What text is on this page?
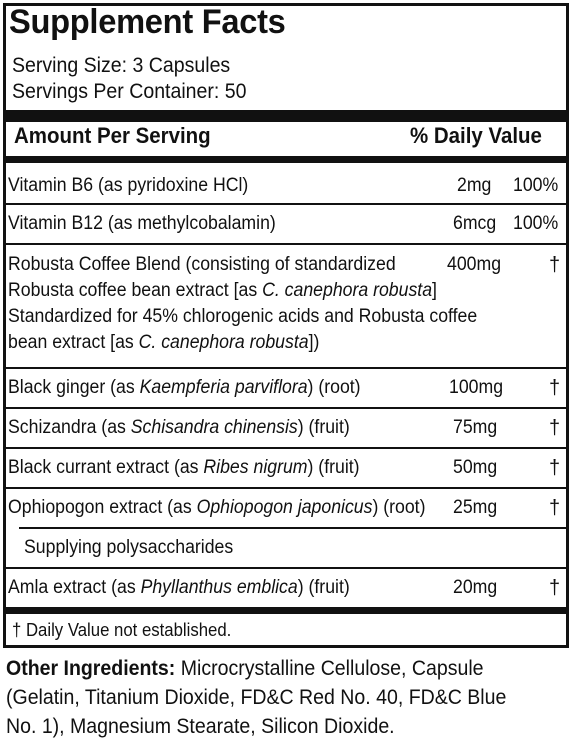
Supplement Facts
Serving Size: 3 Capsules
Servings Per Container: 50
Amount Per Serving	% Daily Value
Vitamin B6 (as pyridoxine HCl)	2mg 100%
Vitamin B12 (as methylcobalamin)	6mcg 100%
Robusta Coffee Blend (consisting of standardized
Robusta coffee bean extract [as C. canephora robusta]
Standardized for 45% chlorogenic acids and Robusta coffee
bean extract [as C. canephora robusta])
400mg †
Black ginger (as Kaempferia parviflora) (root)	100mg †
Schizandra (as Schisandra chinensis) (fruit)	75mg	†
Black currant extract (as Ribes nigrum) (fruit)	50mg	†
Ophiopogon extract (as Ophiopogon japonicus) (root) 25mg	†
Supplying polysaccharides
Amla extract (as Phyllanthus emblica) (fruit)	20mg	†
† Daily Value not established.
Other Ingredients: Microcrystalline Cellulose, Capsule
(Gelatin, Titanium Dioxide, FD&C Red No. 40, FD&C Blue
No. 1), Magnesium Stearate, Silicon Dioxide.
